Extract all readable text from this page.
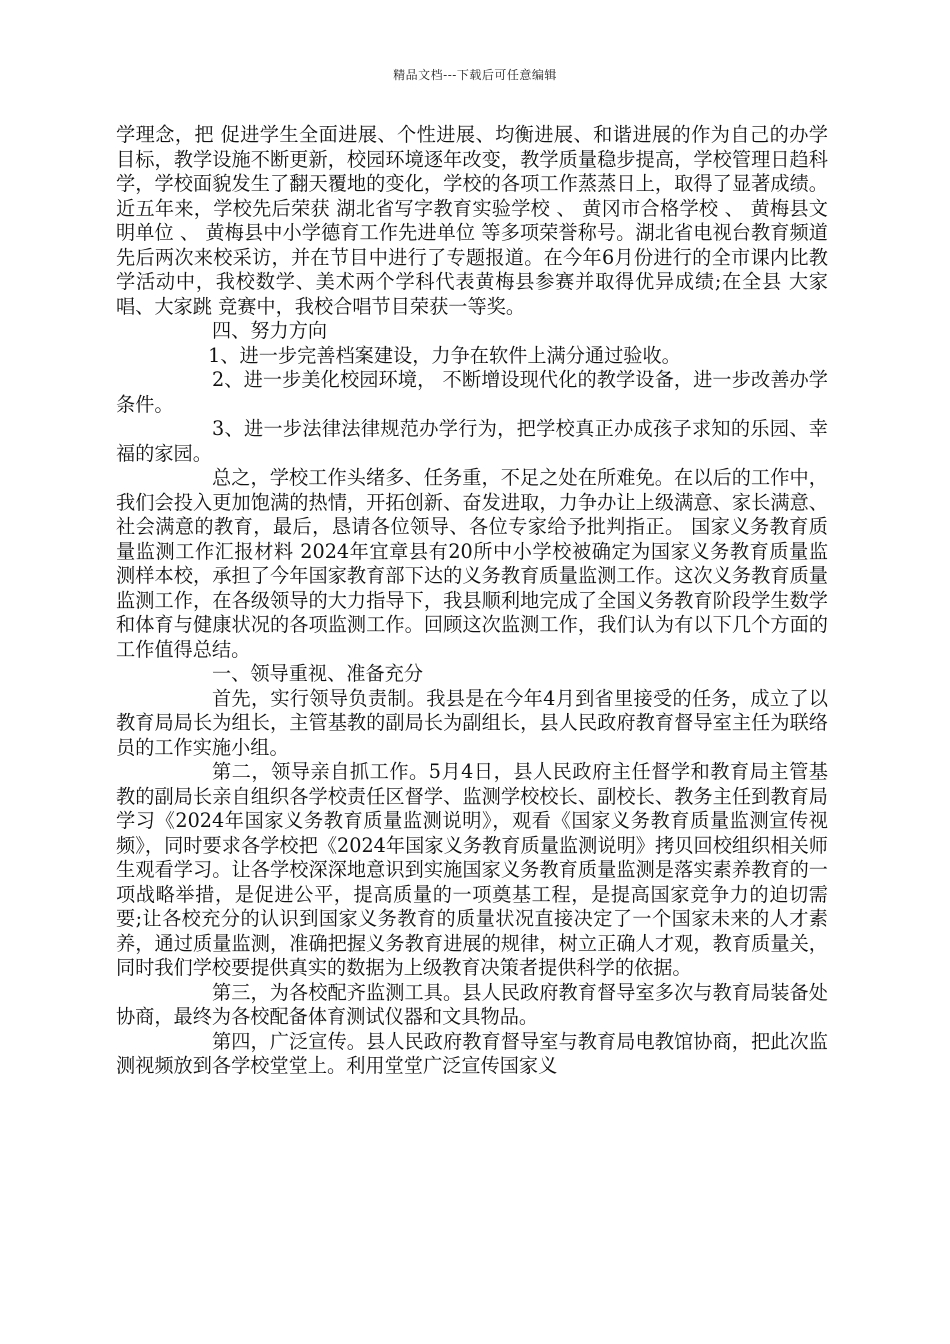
精品文档---下载后可任意编辑

学理念，把 促进学生全面进展、个性进展、均衡进展、和谐进展的作为自己的办学目标，教学设施不断更新，校园环境逐年改变，教学质量稳步提高，学校管理日趋科学，学校面貌发生了翻天覆地的变化，学校的各项工作蒸蒸日上，取得了显著成绩。近五年来，学校先后荣获 湖北省写字教育实验学校 、 黄冈市合格学校 、 黄梅县文明单位 、 黄梅县中小学德育工作先进单位 等多项荣誉称号。湖北省电视台教育频道先后两次来校采访，并在节目中进行了专题报道。在今年6月份进行的全市课内比教学活动中，我校数学、美术两个学科代表黄梅县参赛并取得优异成绩;在全县 大家唱、大家跳 竞赛中，我校合唱节目荣获一等奖。

四、努力方向

1、进一步完善档案建设，力争在软件上满分通过验收。

2、进一步美化校园环境， 不断增设现代化的教学设备，进一步改善办学条件。

3、进一步法律法律规范办学行为，把学校真正办成孩子求知的乐园、幸福的家园。

总之，学校工作头绪多、任务重，不足之处在所难免。在以后的工作中，我们会投入更加饱满的热情，开拓创新、奋发进取，力争办让上级满意、家长满意、社会满意的教育，最后，恳请各位领导、各位专家给予批判指正。 国家义务教育质量监测工作汇报材料 2024年宜章县有20所中小学校被确定为国家义务教育质量监测样本校，承担了今年国家教育部下达的义务教育质量监测工作。这次义务教育质量监测工作，在各级领导的大力指导下，我县顺利地完成了全国义务教育阶段学生数学和体育与健康状况的各项监测工作。回顾这次监测工作，我们认为有以下几个方面的工作值得总结。

一、领导重视、准备充分

首先，实行领导负责制。我县是在今年4月到省里接受的任务，成立了以教育局局长为组长，主管基教的副局长为副组长，县人民政府教育督导室主任为联络员的工作实施小组。

第二，领导亲自抓工作。5月4日，县人民政府主任督学和教育局主管基教的副局长亲自组织各学校责任区督学、监测学校校长、副校长、教务主任到教育局学习《2024年国家义务教育质量监测说明》，观看《国家义务教育质量监测宣传视频》，同时要求各学校把《2024年国家义务教育质量监测说明》拷贝回校组织相关师生观看学习。让各学校深深地意识到实施国家义务教育质量监测是落实素养教育的一项战略举措，是促进公平，提高质量的一项奠基工程，是提高国家竞争力的迫切需要;让各校充分的认识到国家义务教育的质量状况直接决定了一个国家未来的人才素养，通过质量监测，准确把握义务教育进展的规律，树立正确人才观，教育质量关，同时我们学校要提供真实的数据为上级教育决策者提供科学的依据。

第三，为各校配齐监测工具。县人民政府教育督导室多次与教育局装备处协商，最终为各校配备体育测试仪器和文具物品。

第四，广泛宣传。县人民政府教育督导室与教育局电教馆协商，把此次监测视频放到各学校堂堂上。利用堂堂广泛宣传国家义
